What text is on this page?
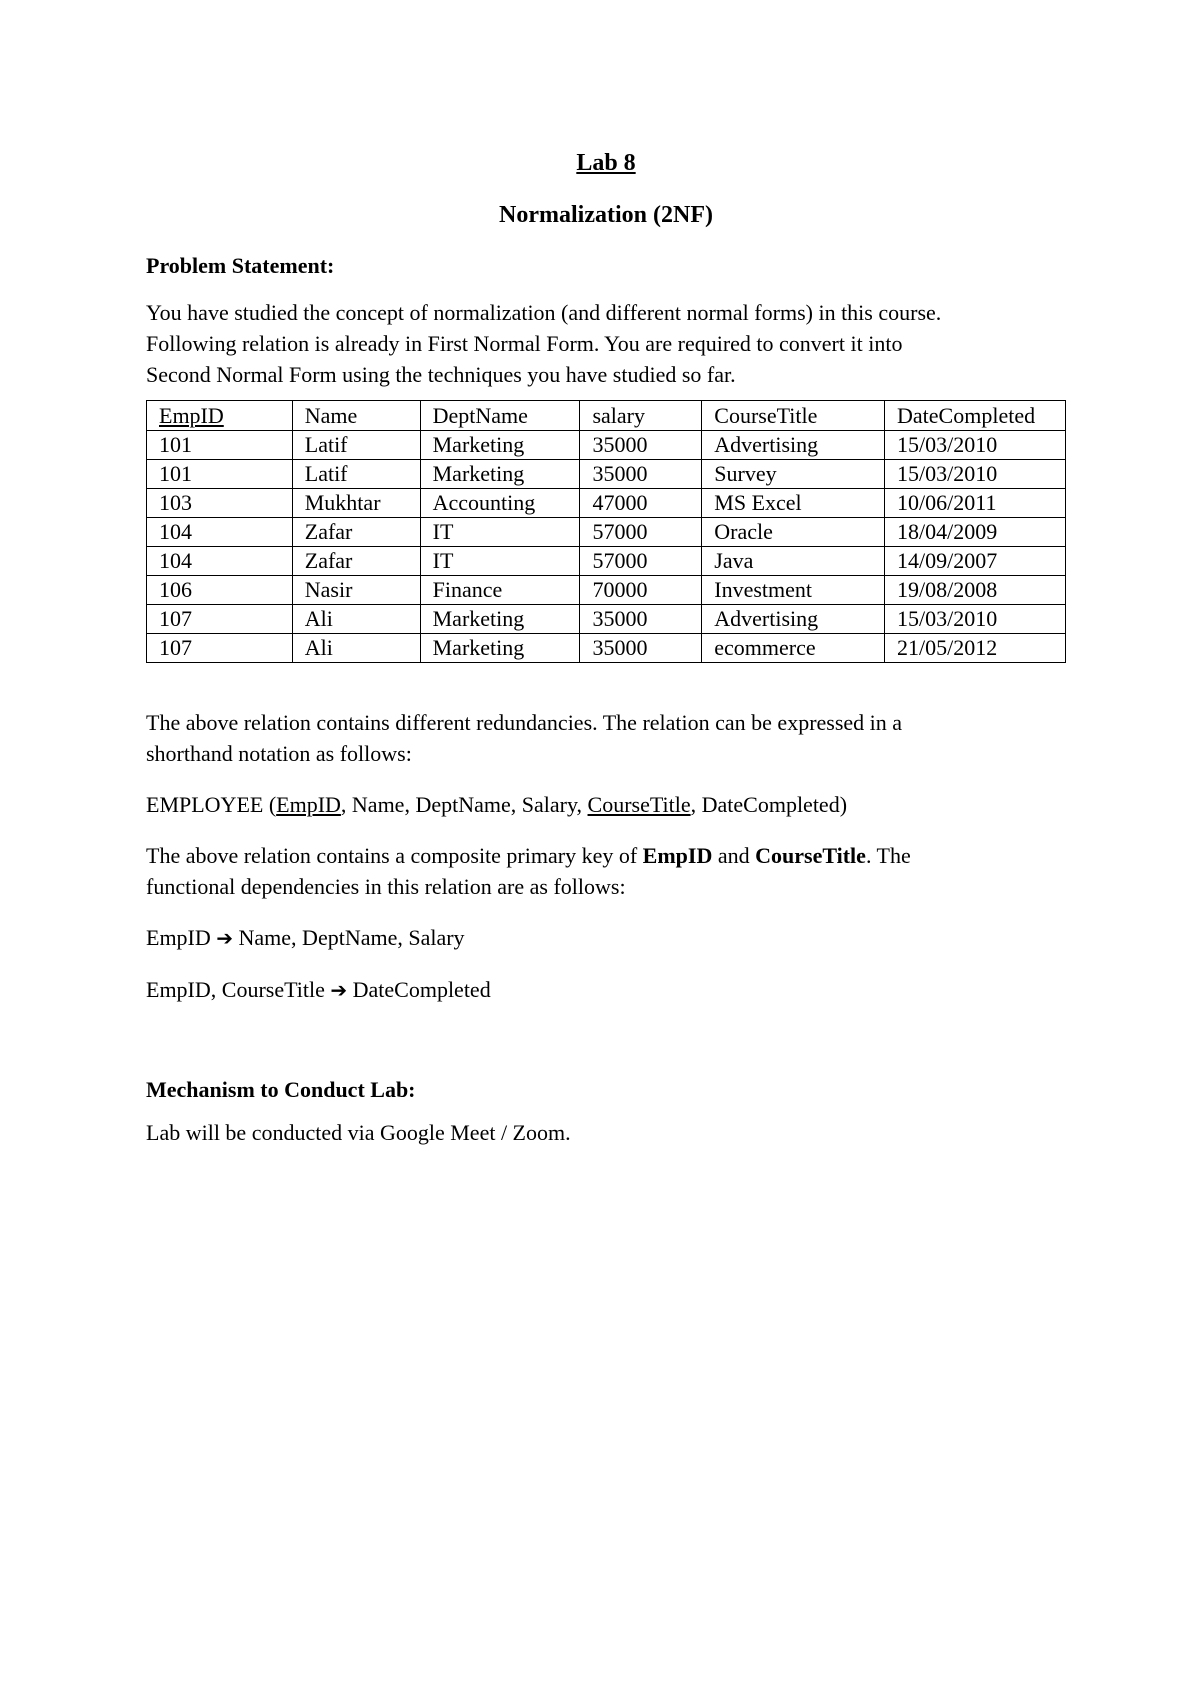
Lab 8

Normalization (2NF)

Problem Statement:

You have studied the concept of normalization (and different normal forms) in this course.

Following relation is already in First Normal Form. You are required to convert it into

Second Normal Form using the techniques you have studied so far.

EmpID	Name	DeptName	salary	CourseTitle	DateCompleted
101	Latif	Marketing	35000	Advertising	15/03/2010
101	Latif	Marketing	35000	Survey	15/03/2010
103	Mukhtar	Accounting	47000	MS Excel	10/06/2011
104	Zafar	IT	57000	Oracle	18/04/2009
104	Zafar	IT	57000	Java	14/09/2007
106	Nasir	Finance	70000	Investment	19/08/2008
107	Ali	Marketing	35000	Advertising	15/03/2010
107	Ali	Marketing	35000	ecommerce	21/05/2012

The above relation contains different redundancies. The relation can be expressed in a

shorthand notation as follows:

EMPLOYEE (EmpID, Name, DeptName, Salary, CourseTitle, DateCompleted)

The above relation contains a composite primary key of EmpID and CourseTitle. The

functional dependencies in this relation are as follows:

EmpID ➔ Name, DeptName, Salary

EmpID, CourseTitle ➔ DateCompleted

Mechanism to Conduct Lab:

Lab will be conducted via Google Meet / Zoom.
